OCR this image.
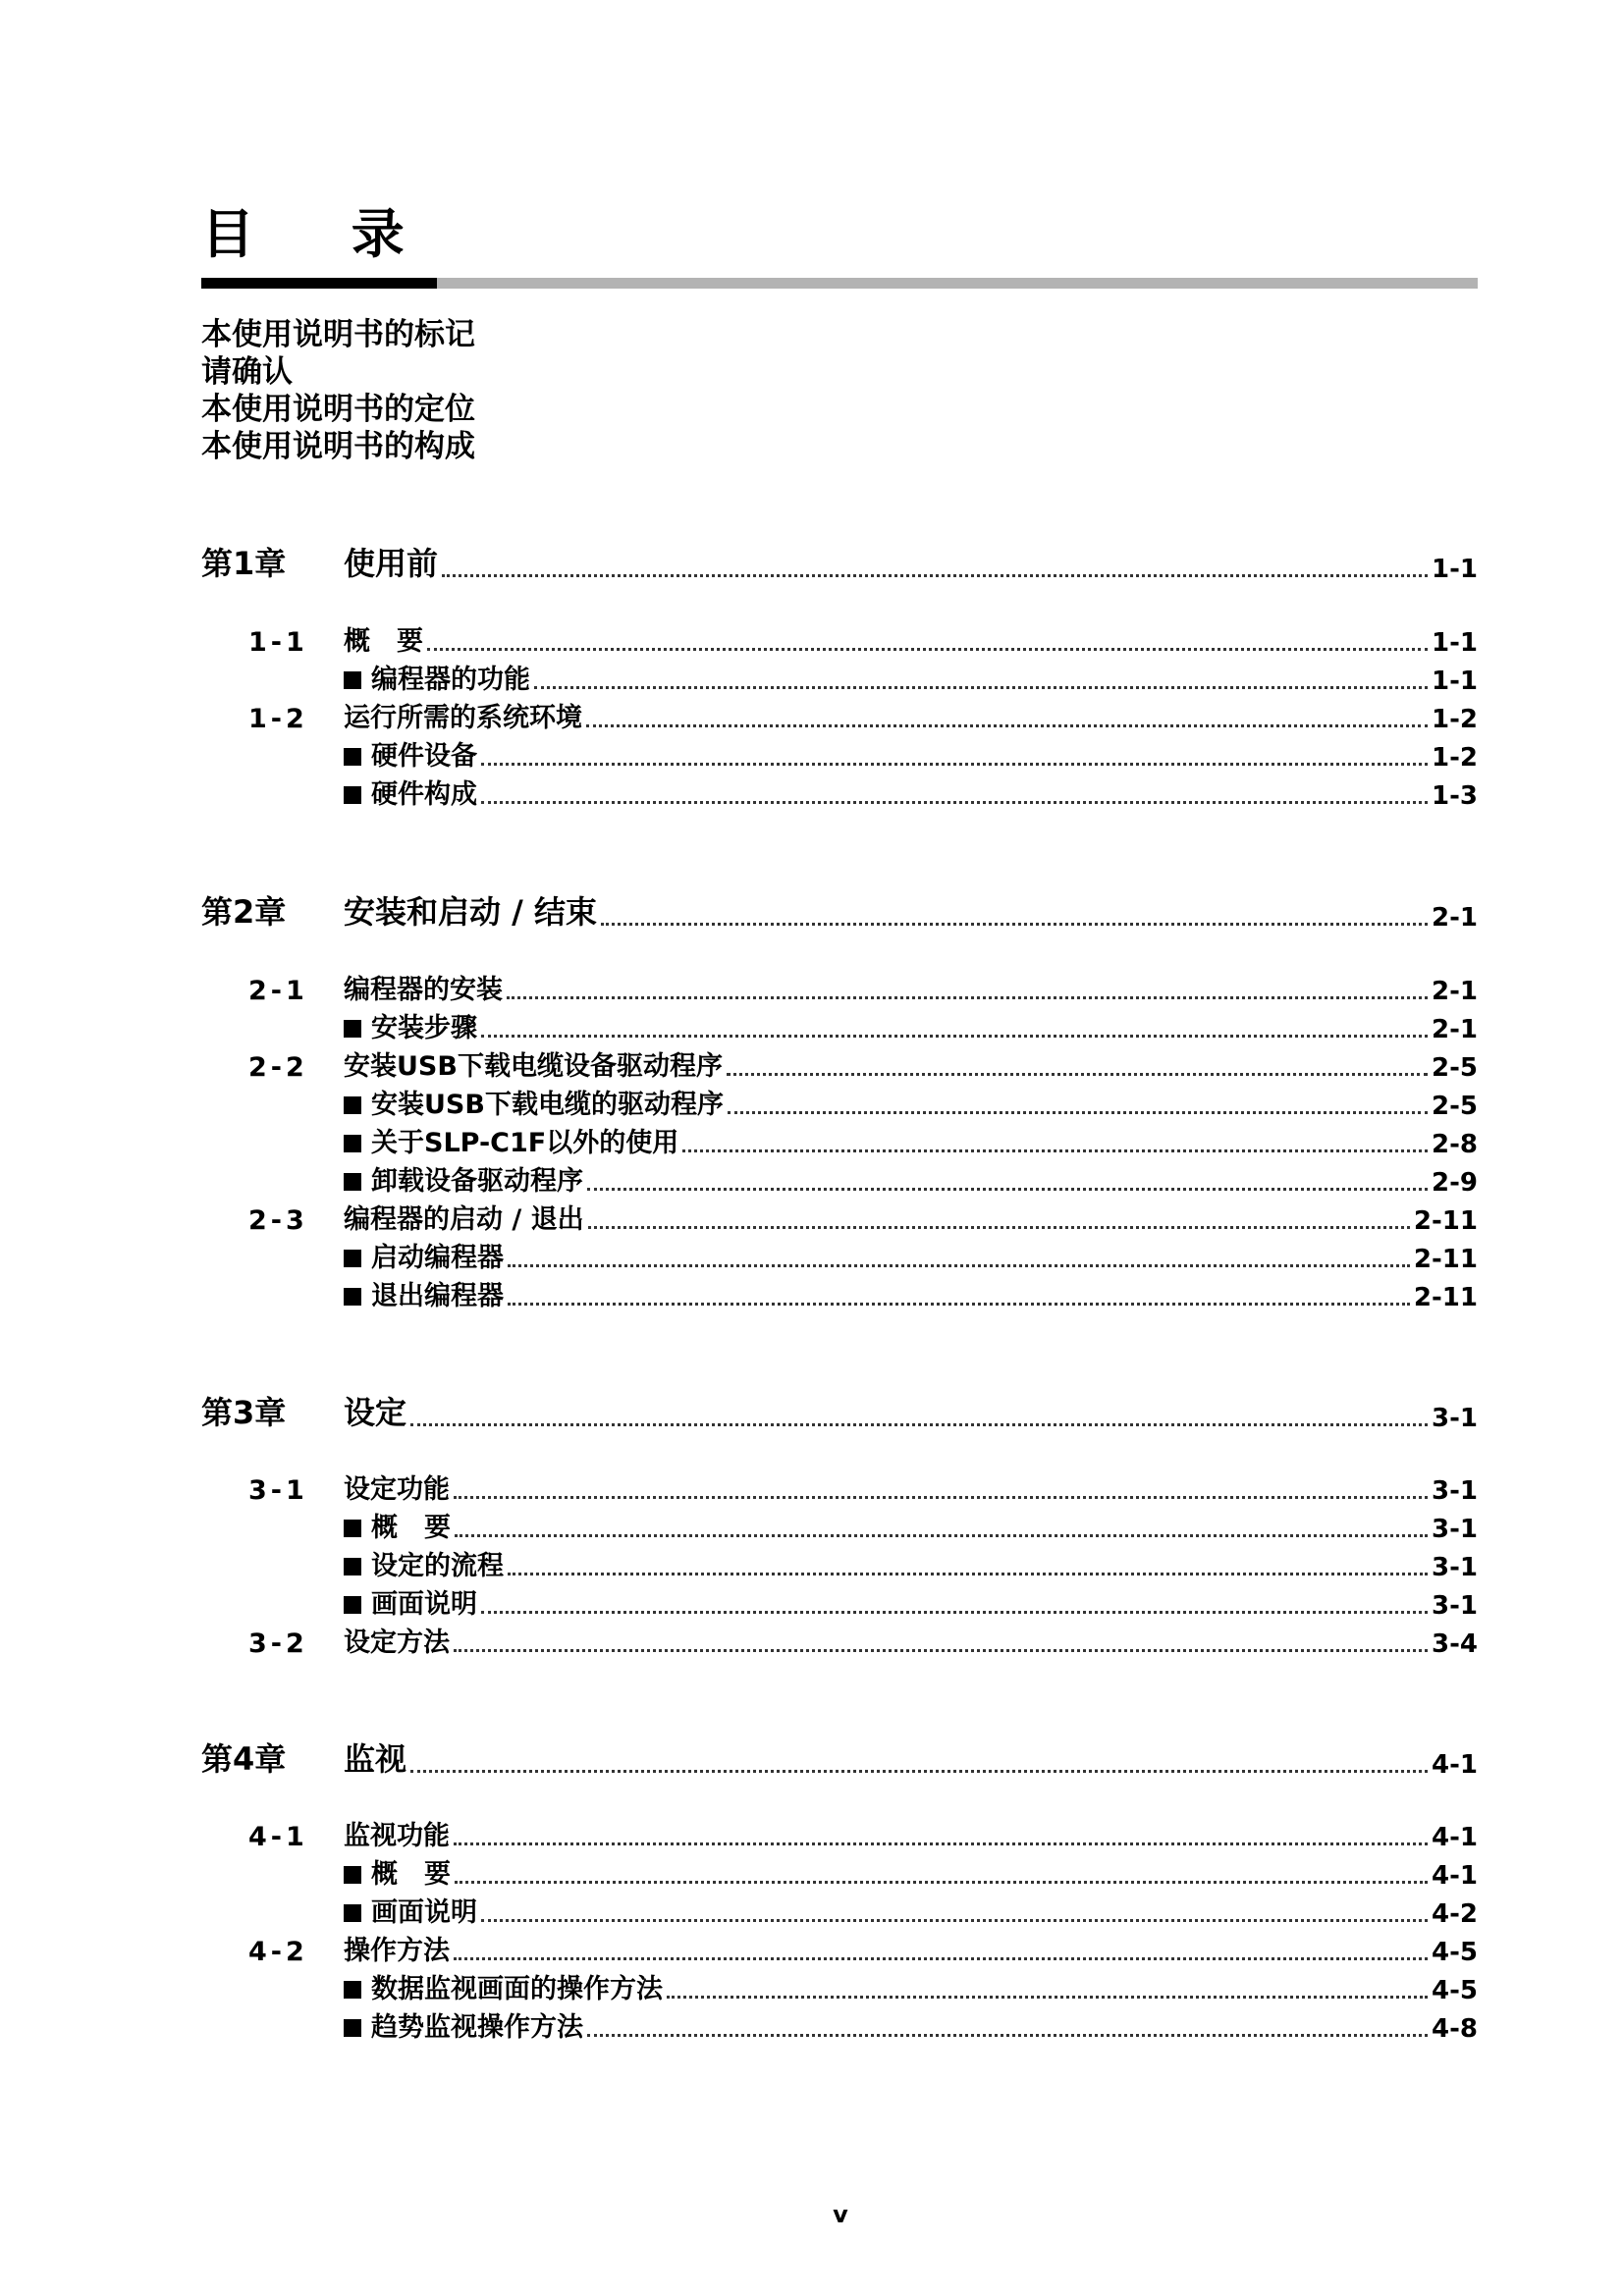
目 录
本使用说明书的标记
请确认
本使用说明书的定位
本使用说明书的构成
第1章 使用前	1-1
1-1 概　要	1-1
编程器的功能	1-1
1-2 运行所需的系统环境	1-2
硬件设备	1-2
硬件构成	1-3
第2章 安装和启动 / 结束	2-1
2-1 编程器的安装	2-1
安装步骤	2-1
2-2 安装USB下载电缆设备驱动程序	2-5
安装USB下载电缆的驱动程序	2-5
关于SLP-C1F以外的使用	2-8
卸载设备驱动程序	2-9
2-3 编程器的启动 / 退出	2-11
启动编程器	2-11
退出编程器	2-11
第3章 设定	3-1
3-1 设定功能	3-1
概　要	3-1
设定的流程	3-1
画面说明	3-1
3-2 设定方法	3-4
第4章 监视	4-1
4-1 监视功能	4-1
概　要	4-1
画面说明	4-2
4-2 操作方法	4-5
数据监视画面的操作方法	4-5
趋势监视操作方法	4-8
v
